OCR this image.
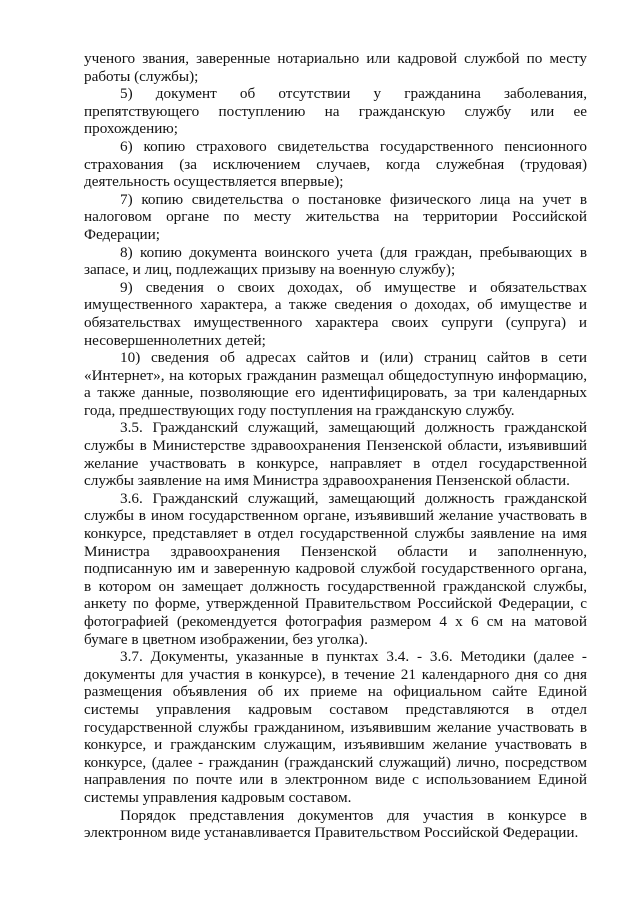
ученого звания, заверенные нотариально или кадровой службой по месту работы (службы);

5) документ об отсутствии у гражданина заболевания, препятствующего поступлению на гражданскую службу или ее прохождению;

6) копию страхового свидетельства государственного пенсионного страхования (за исключением случаев, когда служебная (трудовая) деятельность осуществляется впервые);

7) копию свидетельства о постановке физического лица на учет в налоговом органе по месту жительства на территории Российской Федерации;

8) копию документа воинского учета (для граждан, пребывающих в запасе, и лиц, подлежащих призыву на военную службу);

9) сведения о своих доходах, об имуществе и обязательствах имущественного характера, а также сведения о доходах, об имуществе и обязательствах имущественного характера своих супруги (супруга) и несовершеннолетних детей;

10) сведения об адресах сайтов и (или) страниц сайтов в сети «Интернет», на которых гражданин размещал общедоступную информацию, а также данные, позволяющие его идентифицировать, за три календарных года, предшествующих году поступления на гражданскую службу.

3.5. Гражданский служащий, замещающий должность гражданской службы в Министерстве здравоохранения Пензенской области, изъявивший желание участвовать в конкурсе, направляет в отдел государственной службы заявление на имя Министра здравоохранения Пензенской области.

3.6. Гражданский служащий, замещающий должность гражданской службы в ином государственном органе, изъявивший желание участвовать в конкурсе, представляет в отдел государственной службы заявление на имя Министра здравоохранения Пензенской области и заполненную, подписанную им и заверенную кадровой службой государственного органа, в котором он замещает должность государственной гражданской службы, анкету по форме, утвержденной Правительством Российской Федерации, с фотографией (рекомендуется фотография размером 4 х 6 см на матовой бумаге в цветном изображении, без уголка).

3.7. Документы, указанные в пунктах 3.4. - 3.6. Методики (далее - документы для участия в конкурсе), в течение 21 календарного дня со дня размещения объявления об их приеме на официальном сайте Единой системы управления кадровым составом представляются в отдел государственной службы гражданином, изъявившим желание участвовать в конкурсе, и гражданским служащим, изъявившим желание участвовать в конкурсе, (далее - гражданин (гражданский служащий) лично, посредством направления по почте или в электронном виде с использованием Единой системы управления кадровым составом.

Порядок представления документов для участия в конкурсе в электронном виде устанавливается Правительством Российской Федерации.
